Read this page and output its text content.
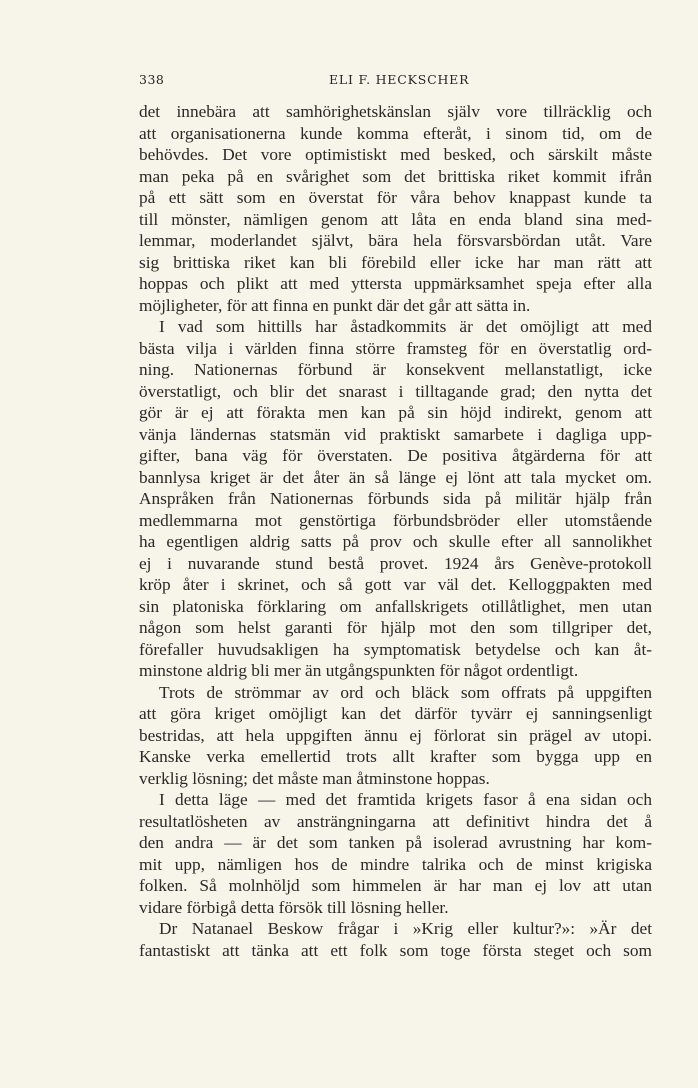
338	ELI F. HECKSCHER
det innebära att samhörighetskänslan själv vore tillräcklig och
att organisationerna kunde komma efteråt, i sinom tid, om de
behövdes. Det vore optimistiskt med besked, och särskilt måste
man peka på en svårighet som det brittiska riket kommit ifrån
på ett sätt som en överstat för våra behov knappast kunde ta
till mönster, nämligen genom att låta en enda bland sina med-
lemmar, moderlandet självt, bära hela försvarsbördan utåt. Vare
sig brittiska riket kan bli förebild eller icke har man rätt att
hoppas och plikt att med yttersta uppmärksamhet speja efter alla
möjligheter, för att finna en punkt där det går att sätta in.
I vad som hittills har åstadkommits är det omöjligt att med
bästa vilja i världen finna större framsteg för en överstatlig ord-
ning. Nationernas förbund är konsekvent mellanstatligt, icke
överstatligt, och blir det snarast i tilltagande grad; den nytta det
gör är ej att förakta men kan på sin höjd indirekt, genom att
vänja ländernas statsmän vid praktiskt samarbete i dagliga upp-
gifter, bana väg för överstaten. De positiva åtgärderna för att
bannlysa kriget är det åter än så länge ej lönt att tala mycket om.
Anspråken från Nationernas förbunds sida på militär hjälp från
medlemmarna mot genstörtiga förbundsbröder eller utomstående
ha egentligen aldrig satts på prov och skulle efter all sannolikhet
ej i nuvarande stund bestå provet. 1924 års Genève-protokoll
kröp åter i skrinet, och så gott var väl det. Kelloggpakten med
sin platoniska förklaring om anfallskrigets otillåtlighet, men utan
någon som helst garanti för hjälp mot den som tillgriper det,
förefaller huvudsakligen ha symptomatisk betydelse och kan åt-
minstone aldrig bli mer än utgångspunkten för något ordentligt.
Trots de strömmar av ord och bläck som offrats på uppgiften
att göra kriget omöjligt kan det därför tyvärr ej sanningsenligt
bestridas, att hela uppgiften ännu ej förlorat sin prägel av utopi.
Kanske verka emellertid trots allt krafter som bygga upp en
verklig lösning; det måste man åtminstone hoppas.
I detta läge — med det framtida krigets fasor å ena sidan och
resultatlösheten av ansträngningarna att definitivt hindra det å
den andra — är det som tanken på isolerad avrustning har kom-
mit upp, nämligen hos de mindre talrika och de minst krigiska
folken. Så molnhöljd som himmelen är har man ej lov att utan
vidare förbigå detta försök till lösning heller.
Dr Natanael Beskow frågar i »Krig eller kultur?»: »Är det
fantastiskt att tänka att ett folk som toge första steget och som
